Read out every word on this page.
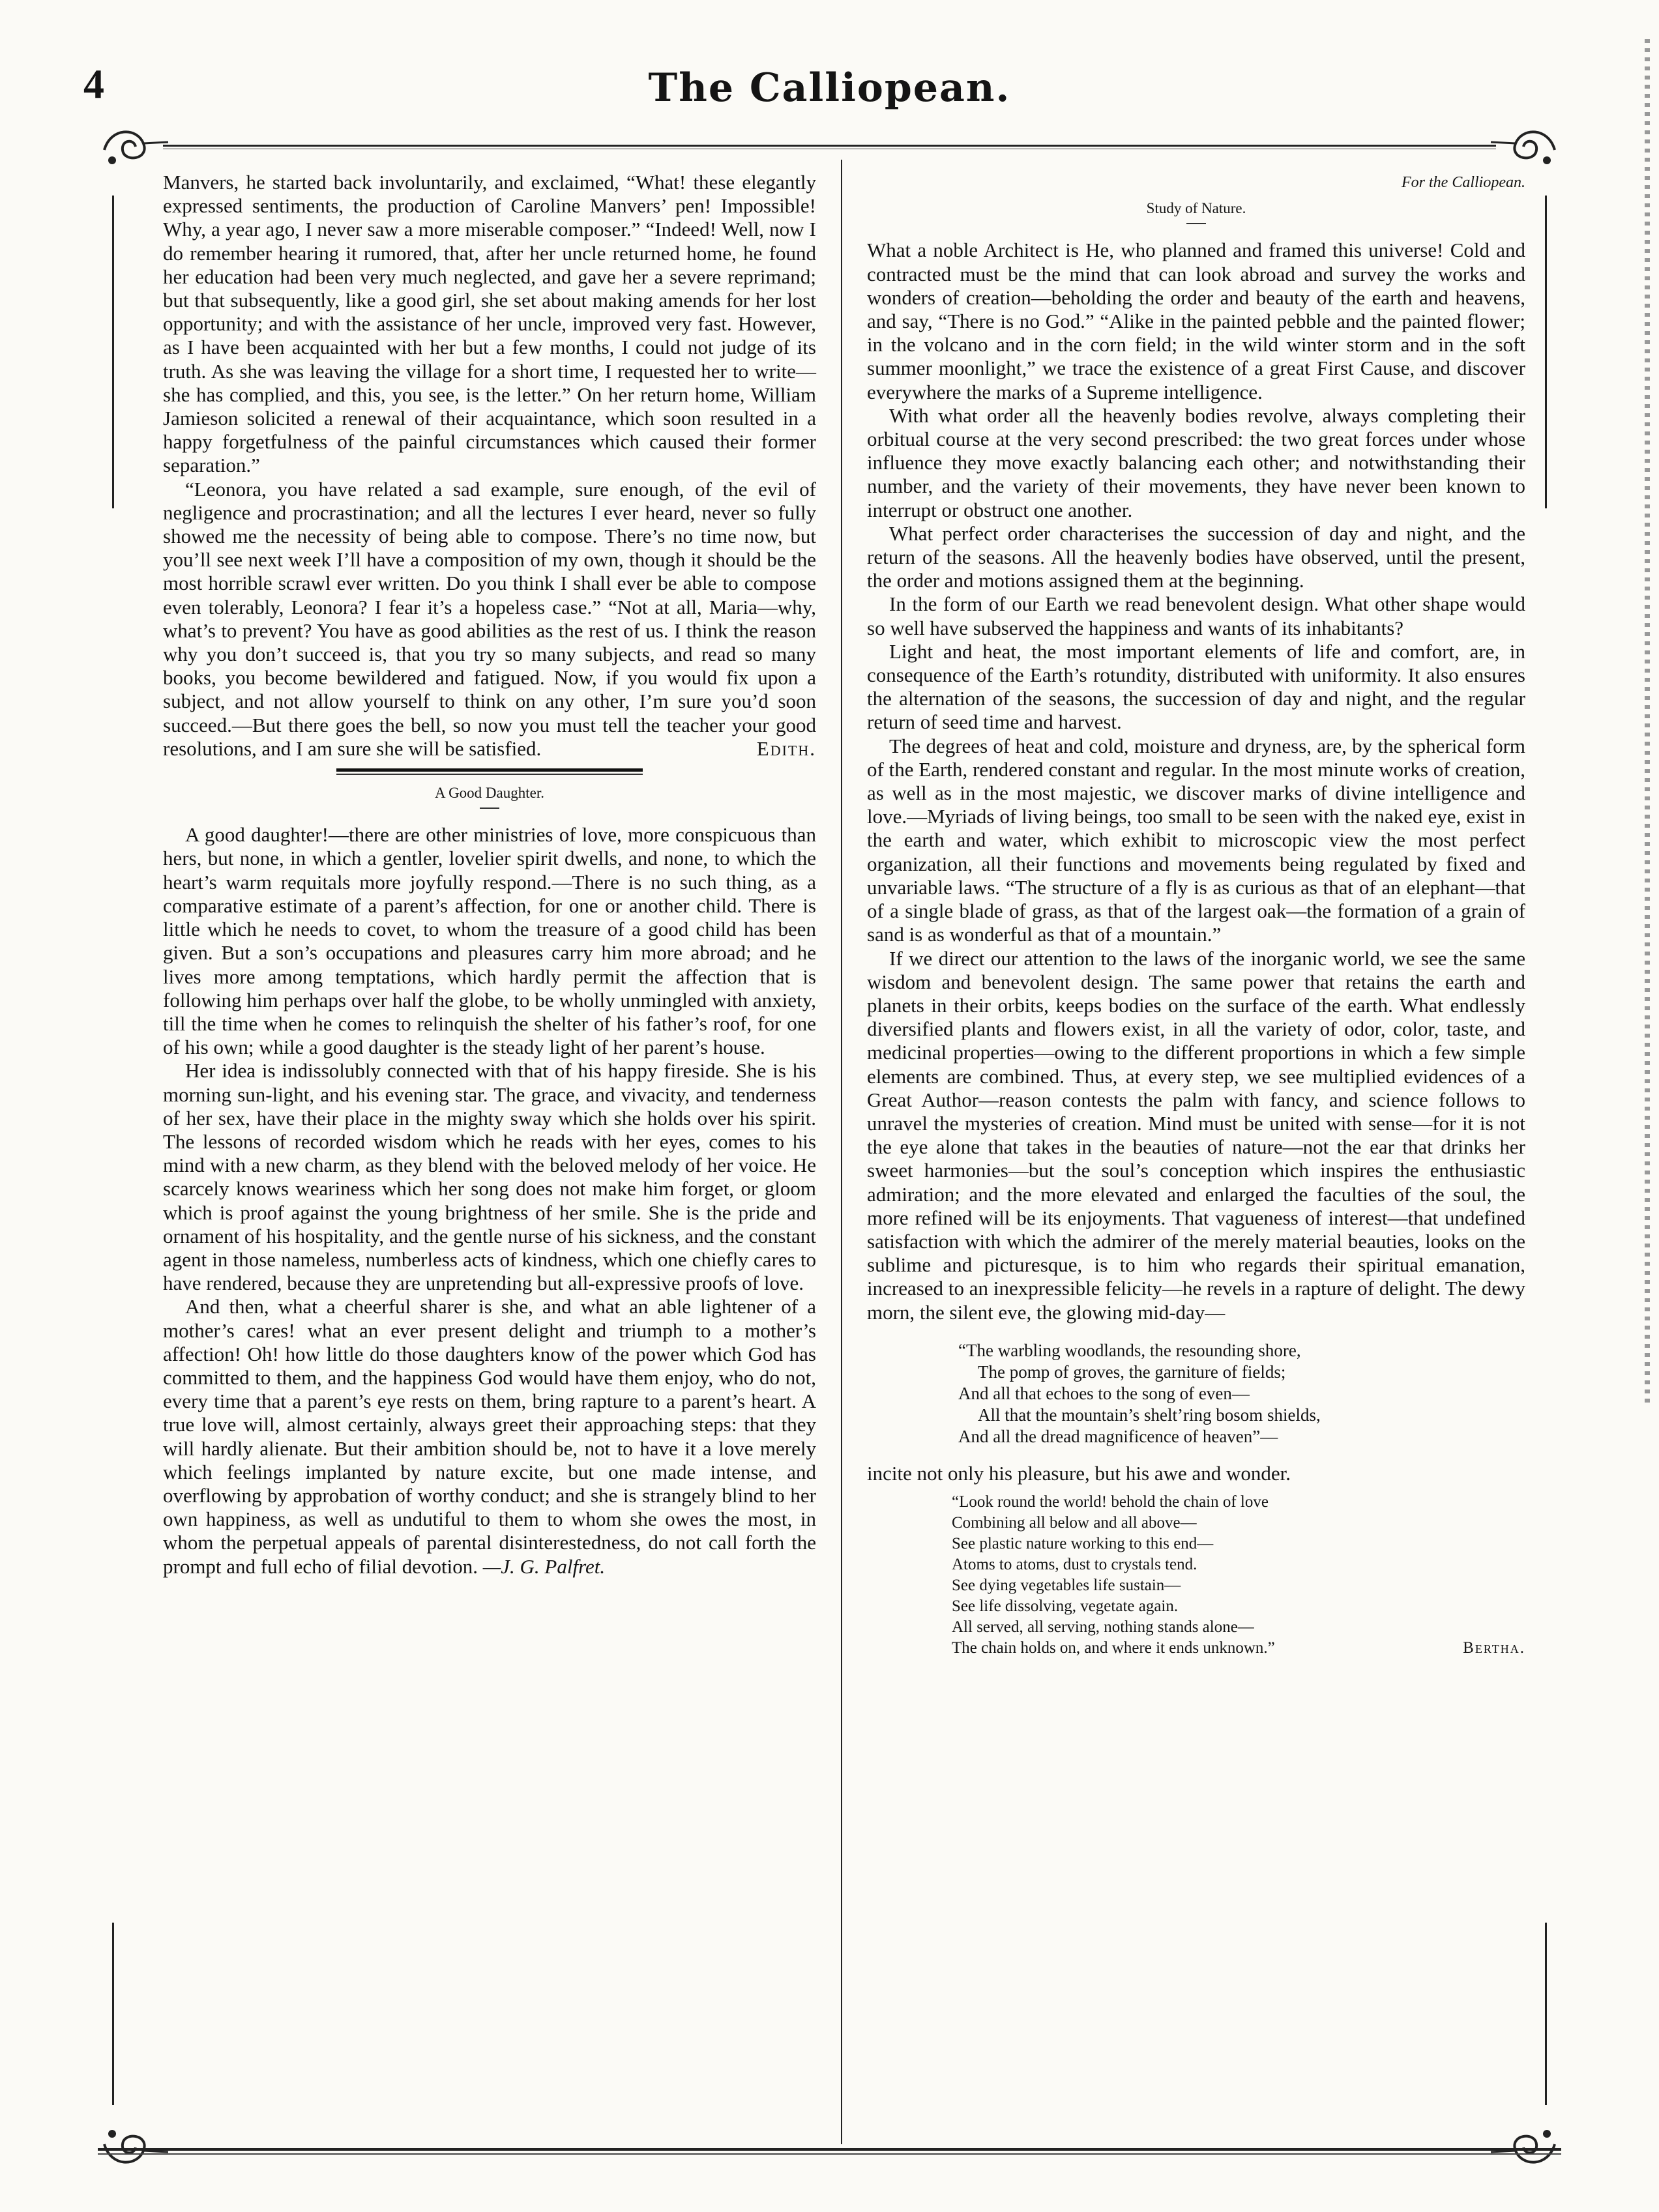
4	The Calliopean.

Manvers, he started back involuntarily, and exclaimed, “What! these elegantly expressed sentiments, the production of Caroline Manvers’ pen! Impossible! Why, a year ago, I never saw a more miserable composer.” “Indeed! Well, now I do remember hearing it rumored, that, after her uncle returned home, he found her education had been very much neglected, and gave her a severe reprimand; but that subsequently, like a good girl, she set about making amends for her lost opportunity; and with the assistance of her uncle, improved very fast. However, as I have been acquainted with her but a few months, I could not judge of its truth. As she was leaving the village for a short time, I requested her to write—she has complied, and this, you see, is the letter.” On her return home, William Jamieson solicited a renewal of their acquaintance, which soon resulted in a happy forgetfulness of the painful circumstances which caused their former separation.”

“Leonora, you have related a sad example, sure enough, of the evil of negligence and procrastination; and all the lectures I ever heard, never so fully showed me the necessity of being able to compose. There’s no time now, but you’ll see next week I’ll have a composition of my own, though it should be the most horrible scrawl ever written. Do you think I shall ever be able to compose even tolerably, Leonora? I fear it’s a hopeless case.” “Not at all, Maria—why, what’s to prevent? You have as good abilities as the rest of us. I think the reason why you don’t succeed is, that you try so many subjects, and read so many books, you become bewildered and fatigued. Now, if you would fix upon a subject, and not allow yourself to think on any other, I’m sure you’d soon succeed.—But there goes the bell, so now you must tell the teacher your good resolutions, and I am sure she will be satisfied.	Edith.

A Good Daughter.

A good daughter!—there are other ministries of love, more conspicuous than hers, but none, in which a gentler, lovelier spirit dwells, and none, to which the heart’s warm requitals more joyfully respond.—There is no such thing, as a comparative estimate of a parent’s affection, for one or another child. There is little which he needs to covet, to whom the treasure of a good child has been given. But a son’s occupations and pleasures carry him more abroad; and he lives more among temptations, which hardly permit the affection that is following him perhaps over half the globe, to be wholly unmingled with anxiety, till the time when he comes to relinquish the shelter of his father’s roof, for one of his own; while a good daughter is the steady light of her parent’s house.

Her idea is indissolubly connected with that of his happy fireside. She is his morning sun-light, and his evening star. The grace, and vivacity, and tenderness of her sex, have their place in the mighty sway which she holds over his spirit. The lessons of recorded wisdom which he reads with her eyes, comes to his mind with a new charm, as they blend with the beloved melody of her voice. He scarcely knows weariness which her song does not make him forget, or gloom which is proof against the young brightness of her smile. She is the pride and ornament of his hospitality, and the gentle nurse of his sickness, and the constant agent in those nameless, numberless acts of kindness, which one chiefly cares to have rendered, because they are unpretending but all-expressive proofs of love.

And then, what a cheerful sharer is she, and what an able lightener of a mother’s cares! what an ever present delight and triumph to a mother’s affection! Oh! how little do those daughters know of the power which God has committed to them, and the happiness God would have them enjoy, who do not, every time that a parent’s eye rests on them, bring rapture to a parent’s heart. A true love will, almost certainly, always greet their approaching steps: that they will hardly alienate. But their ambition should be, not to have it a love merely which feelings implanted by nature excite, but one made intense, and overflowing by approbation of worthy conduct; and she is strangely blind to her own happiness, as well as undutiful to them to whom she owes the most, in whom the perpetual appeals of parental disinterestedness, do not call forth the prompt and full echo of filial devotion. —J. G. Palfret.

For the Calliopean.

Study of Nature.

What a noble Architect is He, who planned and framed this universe! Cold and contracted must be the mind that can look abroad and survey the works and wonders of creation—beholding the order and beauty of the earth and heavens, and say, “There is no God.” “Alike in the painted pebble and the painted flower; in the volcano and in the corn field; in the wild winter storm and in the soft summer moonlight,” we trace the existence of a great First Cause, and discover everywhere the marks of a Supreme intelligence.

With what order all the heavenly bodies revolve, always completing their orbitual course at the very second prescribed: the two great forces under whose influence they move exactly balancing each other; and notwithstanding their number, and the variety of their movements, they have never been known to interrupt or obstruct one another.

What perfect order characterises the succession of day and night, and the return of the seasons. All the heavenly bodies have observed, until the present, the order and motions assigned them at the beginning.

In the form of our Earth we read benevolent design. What other shape would so well have subserved the happiness and wants of its inhabitants?

Light and heat, the most important elements of life and comfort, are, in consequence of the Earth’s rotundity, distributed with uniformity. It also ensures the alternation of the seasons, the succession of day and night, and the regular return of seed time and harvest.

The degrees of heat and cold, moisture and dryness, are, by the spherical form of the Earth, rendered constant and regular. In the most minute works of creation, as well as in the most majestic, we discover marks of divine intelligence and love.—Myriads of living beings, too small to be seen with the naked eye, exist in the earth and water, which exhibit to microscopic view the most perfect organization, all their functions and movements being regulated by fixed and unvariable laws. “The structure of a fly is as curious as that of an elephant—that of a single blade of grass, as that of the largest oak—the formation of a grain of sand is as wonderful as that of a mountain.”

If we direct our attention to the laws of the inorganic world, we see the same wisdom and benevolent design. The same power that retains the earth and planets in their orbits, keeps bodies on the surface of the earth. What endlessly diversified plants and flowers exist, in all the variety of odor, color, taste, and medicinal properties—owing to the different proportions in which a few simple elements are combined. Thus, at every step, we see multiplied evidences of a Great Author—reason contests the palm with fancy, and science follows to unravel the mysteries of creation. Mind must be united with sense—for it is not the eye alone that takes in the beauties of nature—not the ear that drinks her sweet harmonies—but the soul’s conception which inspires the enthusiastic admiration; and the more elevated and enlarged the faculties of the soul, the more refined will be its enjoyments. That vagueness of interest—that undefined satisfaction with which the admirer of the merely material beauties, looks on the sublime and picturesque, is to him who regards their spiritual emanation, increased to an inexpressible felicity—he revels in a rapture of delight. The dewy morn, the silent eve, the glowing mid-day—

“The warbling woodlands, the resounding shore,
The pomp of groves, the garniture of fields;
And all that echoes to the song of even—
All that the mountain’s shelt’ring bosom shields,
And all the dread magnificence of heaven”—

incite not only his pleasure, but his awe and wonder.

“Look round the world! behold the chain of love
Combining all below and all above—
See plastic nature working to this end—
Atoms to atoms, dust to crystals tend.
See dying vegetables life sustain—
See life dissolving, vegetate again.
All served, all serving, nothing stands alone—
The chain holds on, and where it ends unknown.”	Bertha.
